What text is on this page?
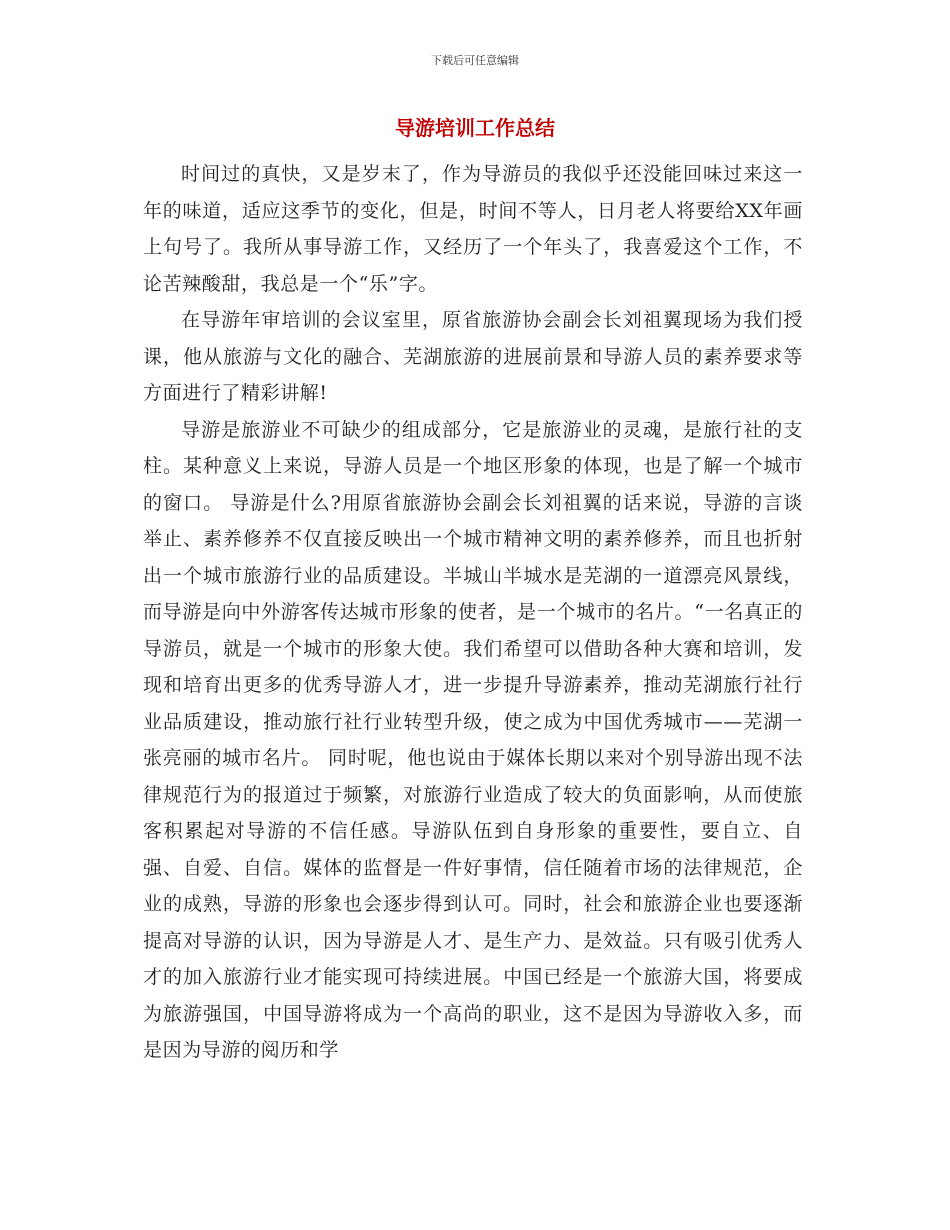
下载后可任意编辑
导游培训工作总结

时间过的真快，又是岁末了，作为导游员的我似乎还没能回味过来这一年的味道，适应这季节的变化，但是，时间不等人，日月老人将要给XX年画上句号了。我所从事导游工作，又经历了一个年头了，我喜爱这个工作，不论苦辣酸甜，我总是一个“乐”字。

在导游年审培训的会议室里，原省旅游协会副会长刘祖翼现场为我们授课，他从旅游与文化的融合、芜湖旅游的进展前景和导游人员的素养要求等方面进行了精彩讲解!

导游是旅游业不可缺少的组成部分，它是旅游业的灵魂，是旅行社的支柱。某种意义上来说，导游人员是一个地区形象的体现，也是了解一个城市的窗口。 导游是什么?用原省旅游协会副会长刘祖翼的话来说，导游的言谈举止、素养修养不仅直接反映出一个城市精神文明的素养修养，而且也折射出一个城市旅游行业的品质建设。半城山半城水是芜湖的一道漂亮风景线，而导游是向中外游客传达城市形象的使者，是一个城市的名片。“一名真正的导游员，就是一个城市的形象大使。我们希望可以借助各种大赛和培训，发现和培育出更多的优秀导游人才，进一步提升导游素养，推动芜湖旅行社行业品质建设，推动旅行社行业转型升级，使之成为中国优秀城市——芜湖一张亮丽的城市名片。 同时呢，他也说由于媒体长期以来对个别导游出现不法律规范行为的报道过于频繁，对旅游行业造成了较大的负面影响，从而使旅客积累起对导游的不信任感。导游队伍到自身形象的重要性，要自立、自强、自爱、自信。媒体的监督是一件好事情，信任随着市场的法律规范，企业的成熟，导游的形象也会逐步得到认可。同时，社会和旅游企业也要逐渐提高对导游的认识，因为导游是人才、是生产力、是效益。只有吸引优秀人才的加入旅游行业才能实现可持续进展。中国已经是一个旅游大国，将要成为旅游强国，中国导游将成为一个高尚的职业，这不是因为导游收入多，而是因为导游的阅历和学
